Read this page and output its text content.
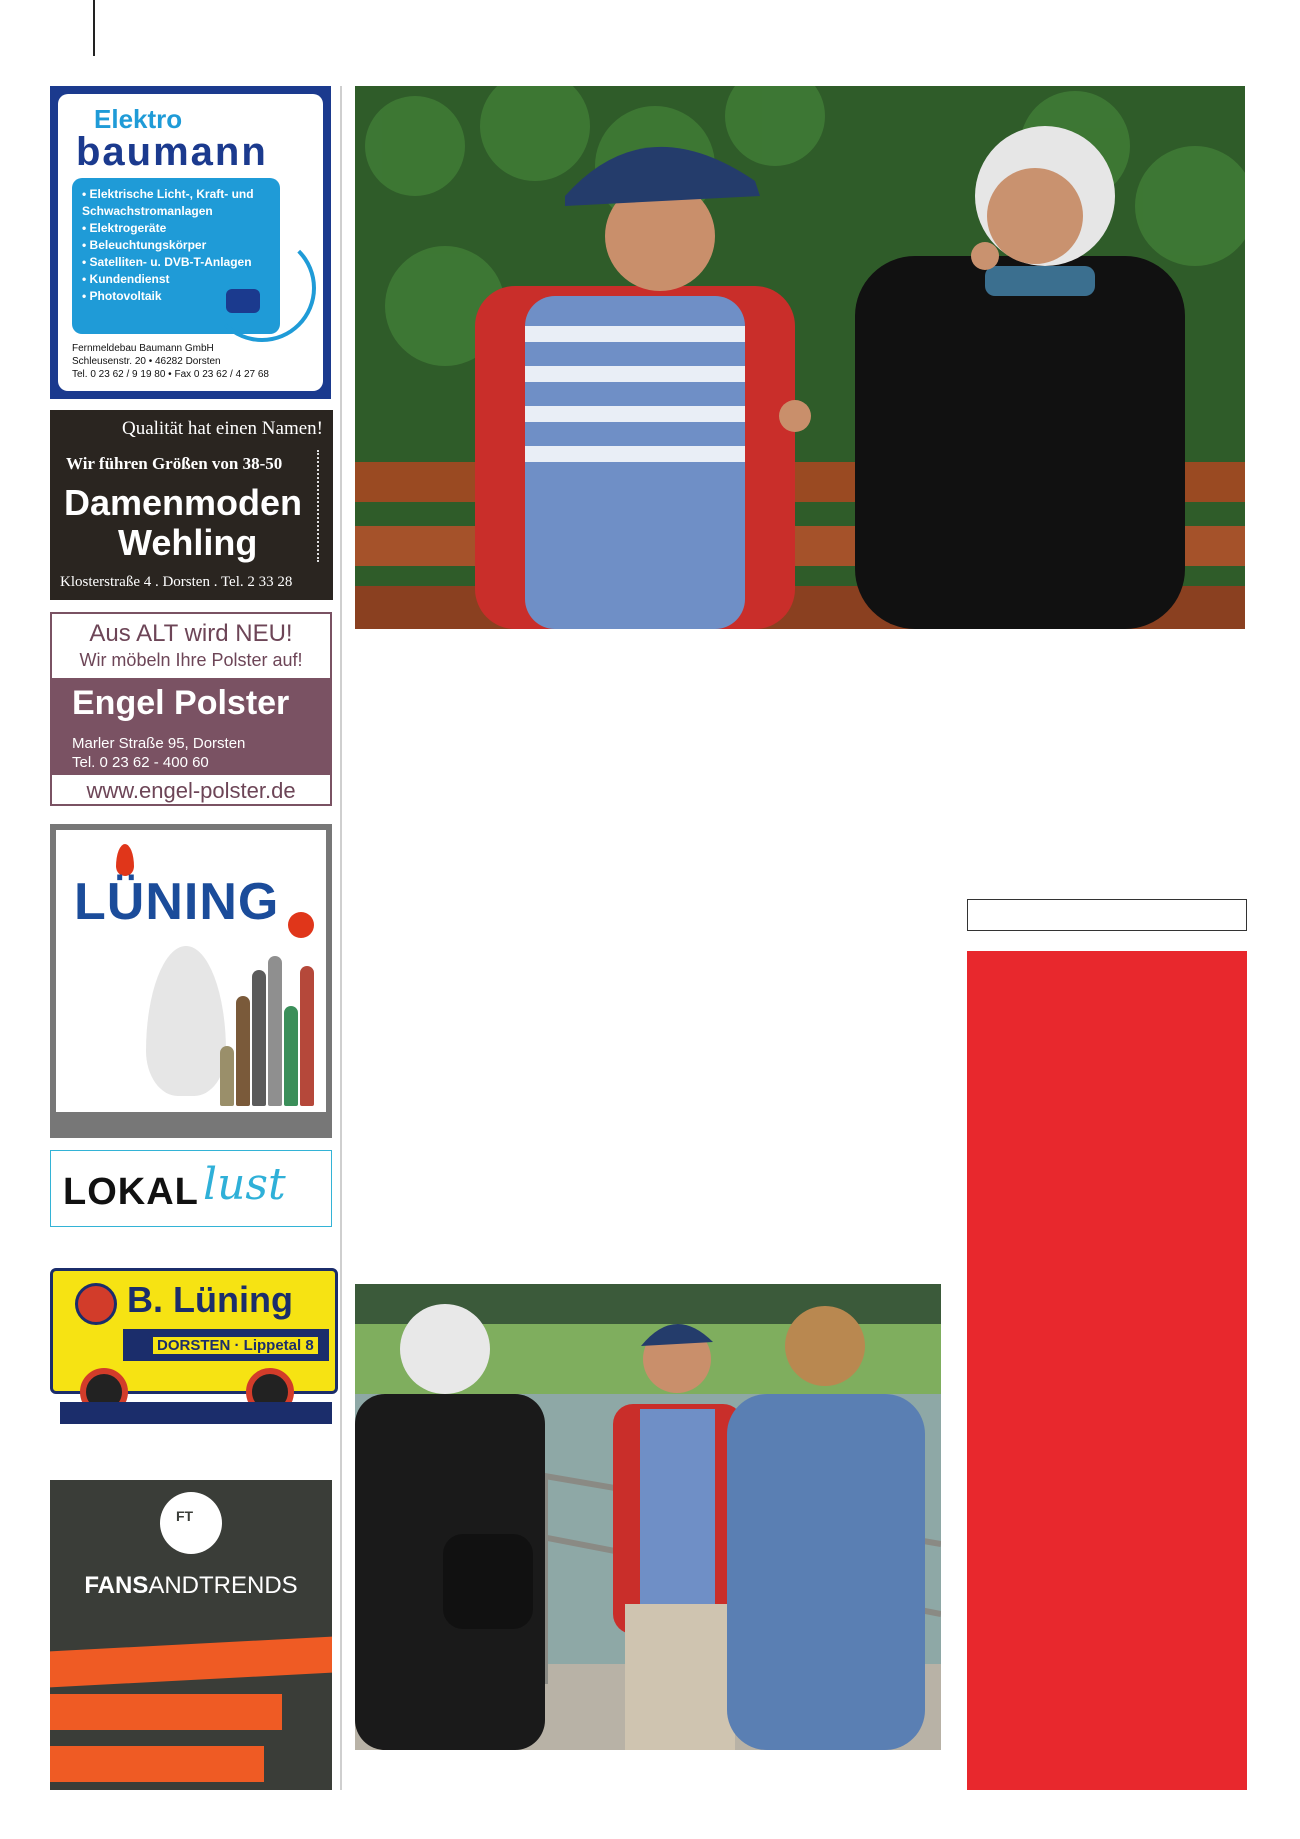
Elektro
baumann
• Elektrische Licht-, Kraft- und Schwachstromanlagen
• Elektrogeräte
• Beleuchtungskörper
• Satelliten- u. DVB-T-Anlagen
• Kundendienst
• Photovoltaik
Fernmeldebau Baumann GmbH
Schleusenstr. 20 • 46282 Dorsten
Tel. 0 23 62 / 9 19 80 • Fax 0 23 62 / 4 27 68
Qualität hat einen Namen!
Wir führen Größen von 38-50
Damenmoden
Wehling
Klosterstraße 4 . Dorsten . Tel. 2 33 28
Aus ALT wird NEU!
Wir möbeln Ihre Polster auf!
Engel Polster
Marler Straße 95, Dorsten
Tel. 0 23 62 - 400 60
www.engel-polster.de
LÜNING
LOKAL lust
B. Lüning
DORSTEN · Lippetal 8
FT
FANSANDTRENDS
